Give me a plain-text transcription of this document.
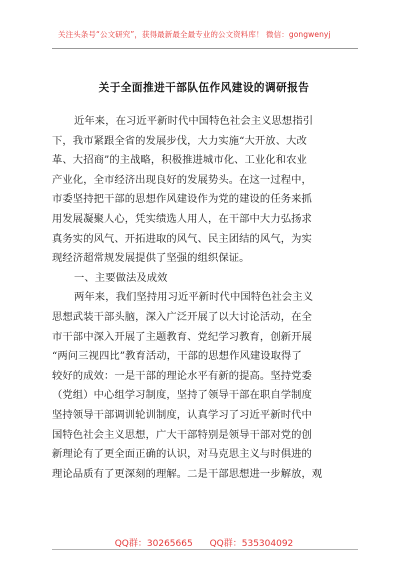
关注头条号“公文研究”，获得最新最全最专业的公文资料库！ 微信：gongwenyj
关于全面推进干部队伍作风建设的调研报告
近年来，在习近平新时代中国特色社会主义思想指引
下，我市紧跟全省的发展步伐，大力实施“大开放、大改
革、大招商”的主战略，积极推进城市化、工业化和农业
产业化，全市经济出现良好的发展势头。在这一过程中，
市委坚持把干部的思想作风建设作为党的建设的任务来抓
用发展凝聚人心，凭实绩选人用人，在干部中大力弘扬求
真务实的风气、开拓进取的风气、民主团结的风气，为实
现经济超常规发展提供了坚强的组织保证。
一、主要做法及成效
两年来，我们坚持用习近平新时代中国特色社会主义
思想武装干部头脑，深入广泛开展了以大讨论活动，在全
市干部中深入开展了主题教育、党纪学习教育，创新开展
“两问三视四比”教育活动，干部的思想作风建设取得了
较好的成效：一是干部的理论水平有新的提高。坚持党委
（党组）中心组学习制度，坚持了领导干部在职自学制度
坚持领导干部调训轮训制度，认真学习了习近平新时代中
国特色社会主义思想，广大干部特别是领导干部对党的创
新理论有了更全面正确的认识，对马克思主义与时俱进的
理论品质有了更深刻的理解。二是干部思想进一步解放，观
QQ群：30265665 QQ群：535304092
